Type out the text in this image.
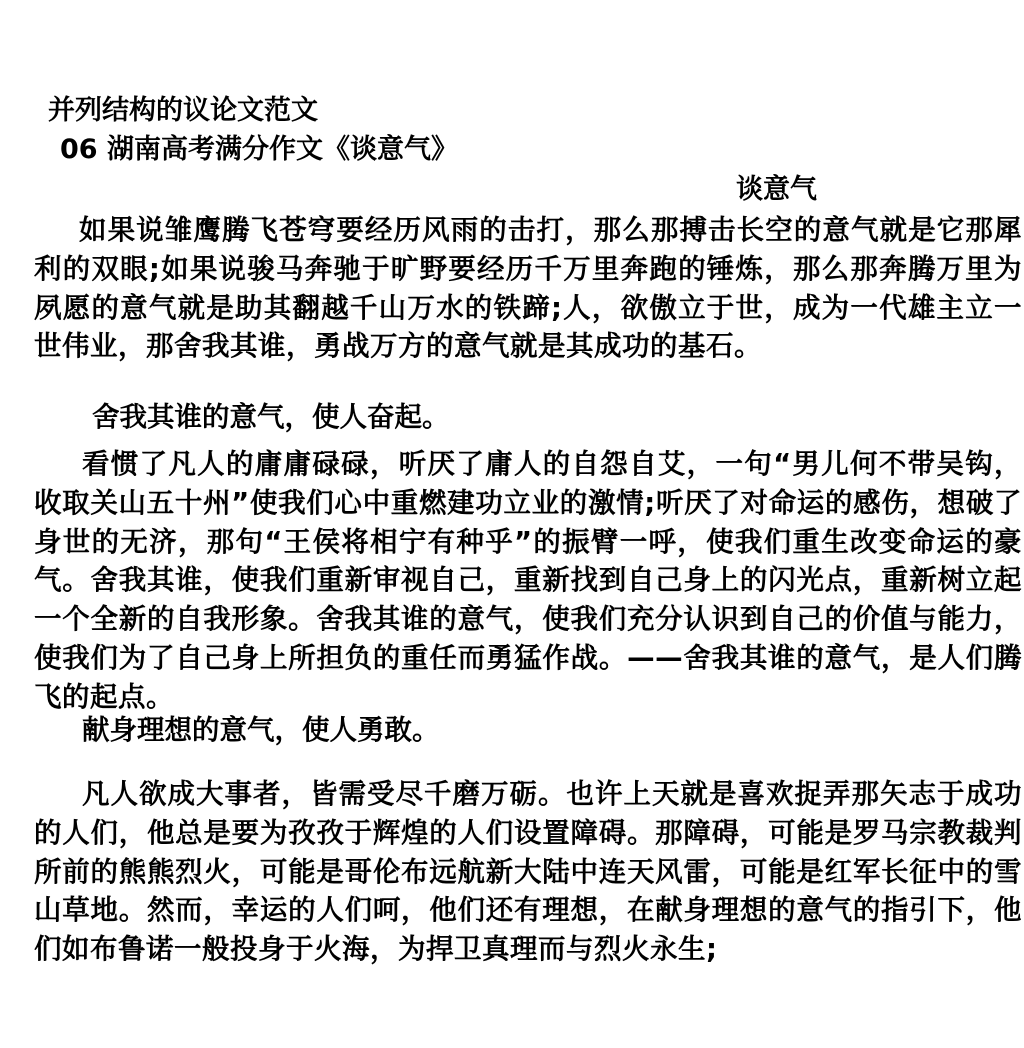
并列结构的议论文范文
06 湖南高考满分作文《谈意气》
谈意气
如果说雏鹰腾飞苍穹要经历风雨的击打，那么那搏击长空的意气就是它那犀利的双眼;如果说骏马奔驰于旷野要经历千万里奔跑的锤炼，那么那奔腾万里为夙愿的意气就是助其翻越千山万水的铁蹄;人，欲傲立于世，成为一代雄主立一世伟业，那舍我其谁，勇战万方的意气就是其成功的基石。
舍我其谁的意气，使人奋起。
看惯了凡人的庸庸碌碌，听厌了庸人的自怨自艾，一句“男儿何不带吴钩，收取关山五十州”使我们心中重燃建功立业的激情;听厌了对命运的感伤，想破了身世的无济，那句“王侯将相宁有种乎”的振臂一呼，使我们重生改变命运的豪气。舍我其谁，使我们重新审视自己，重新找到自己身上的闪光点，重新树立起一个全新的自我形象。舍我其谁的意气，使我们充分认识到自己的价值与能力，使我们为了自己身上所担负的重任而勇猛作战。——舍我其谁的意气，是人们腾飞的起点。
献身理想的意气，使人勇敢。
凡人欲成大事者，皆需受尽千磨万砺。也许上天就是喜欢捉弄那矢志于成功的人们，他总是要为孜孜于辉煌的人们设置障碍。那障碍，可能是罗马宗教裁判所前的熊熊烈火，可能是哥伦布远航新大陆中连天风雷，可能是红军长征中的雪山草地。然而，幸运的人们呵，他们还有理想，在献身理想的意气的指引下，他们如布鲁诺一般投身于火海，为捍卫真理而与烈火永生;
